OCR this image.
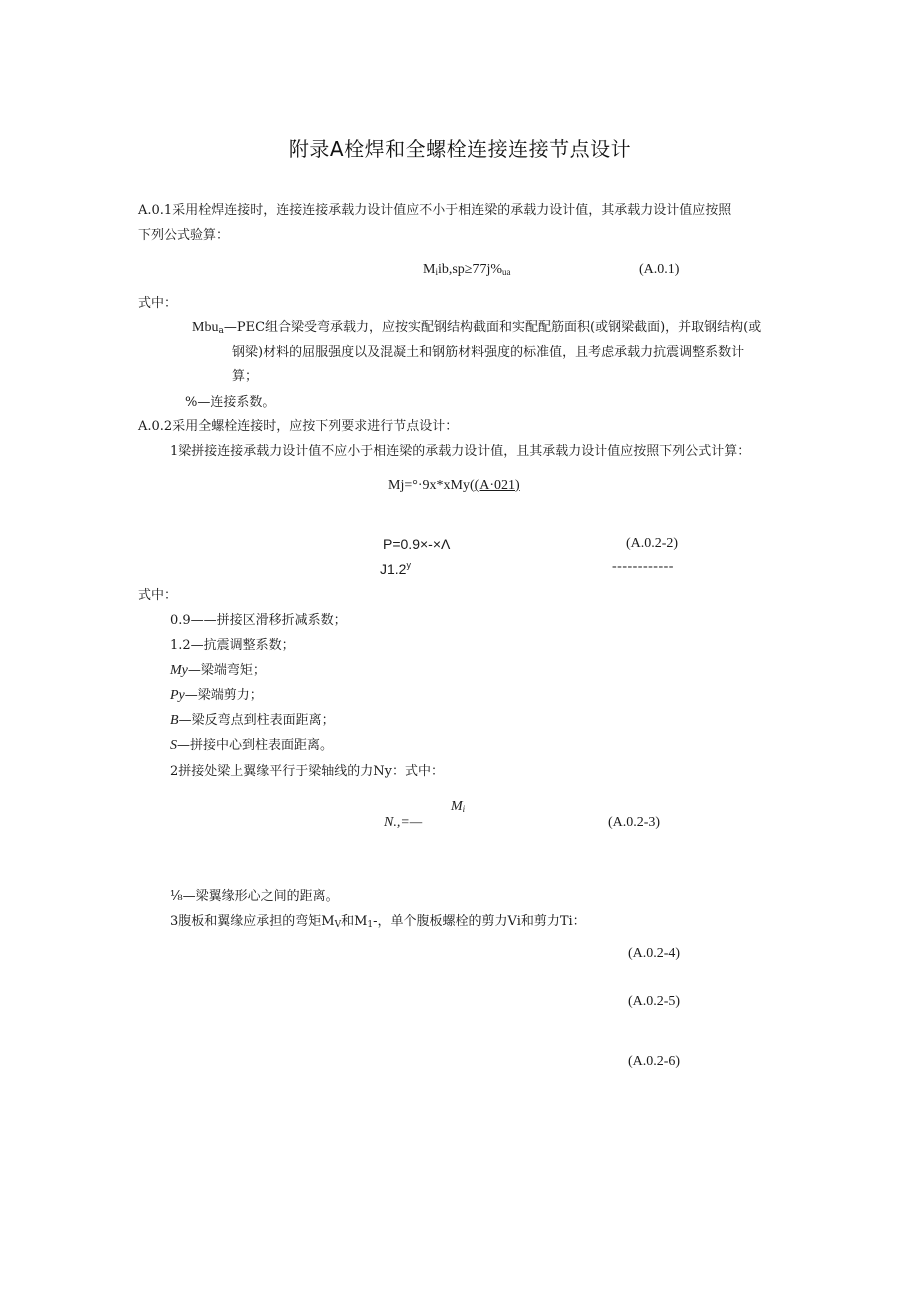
附录A栓焊和全螺栓连接连接节点设计
A.0.1采用栓焊连接时，连接连接承载力设计值应不小于相连梁的承载力设计值，其承载力设计值应按照
下列公式验算：
$M_iib,sp\ge 77j\%_{ua}$	(A.0.1)
式中：
Mbu$_a$—PEC组合梁受弯承载力，应按实配钢结构截面和实配配筋面积(或钢梁截面)，并取钢结构(或
钢梁)材料的屈服强度以及混凝土和钢筋材料强度的标准值，且考虑承载力抗震调整系数计
算；
%—连接系数。
A.0.2采用全螺栓连接时，应按下列要求进行节点设计：
1梁拼接连接承载力设计值不应小于相连梁的承载力设计值，且其承载力设计值应按照下列公式计算：
Mj=°·9x*xMy((A·021)
P=0.9×-×Λ	(A.0.2-2)
J1.2$^y$	------------
式中：
0.9——拼接区滑移折减系数；
1.2—抗震调整系数；
My—梁端弯矩；
Py—梁端剪力；
B—梁反弯点到柱表面距离；
S—拼接中心到柱表面距离。
2拼接处梁上翼缘平行于梁轴线的力Ny：式中：
$M_i$
N.,=—	(A.0.2-3)
⅛—梁翼缘形心之间的距离。
3腹板和翼缘应承担的弯矩$M_V$和$M_1-$，单个腹板螺栓的剪力Vi和剪力Ti：
(A.0.2-4)
(A.0.2-5)
(A.0.2-6)
